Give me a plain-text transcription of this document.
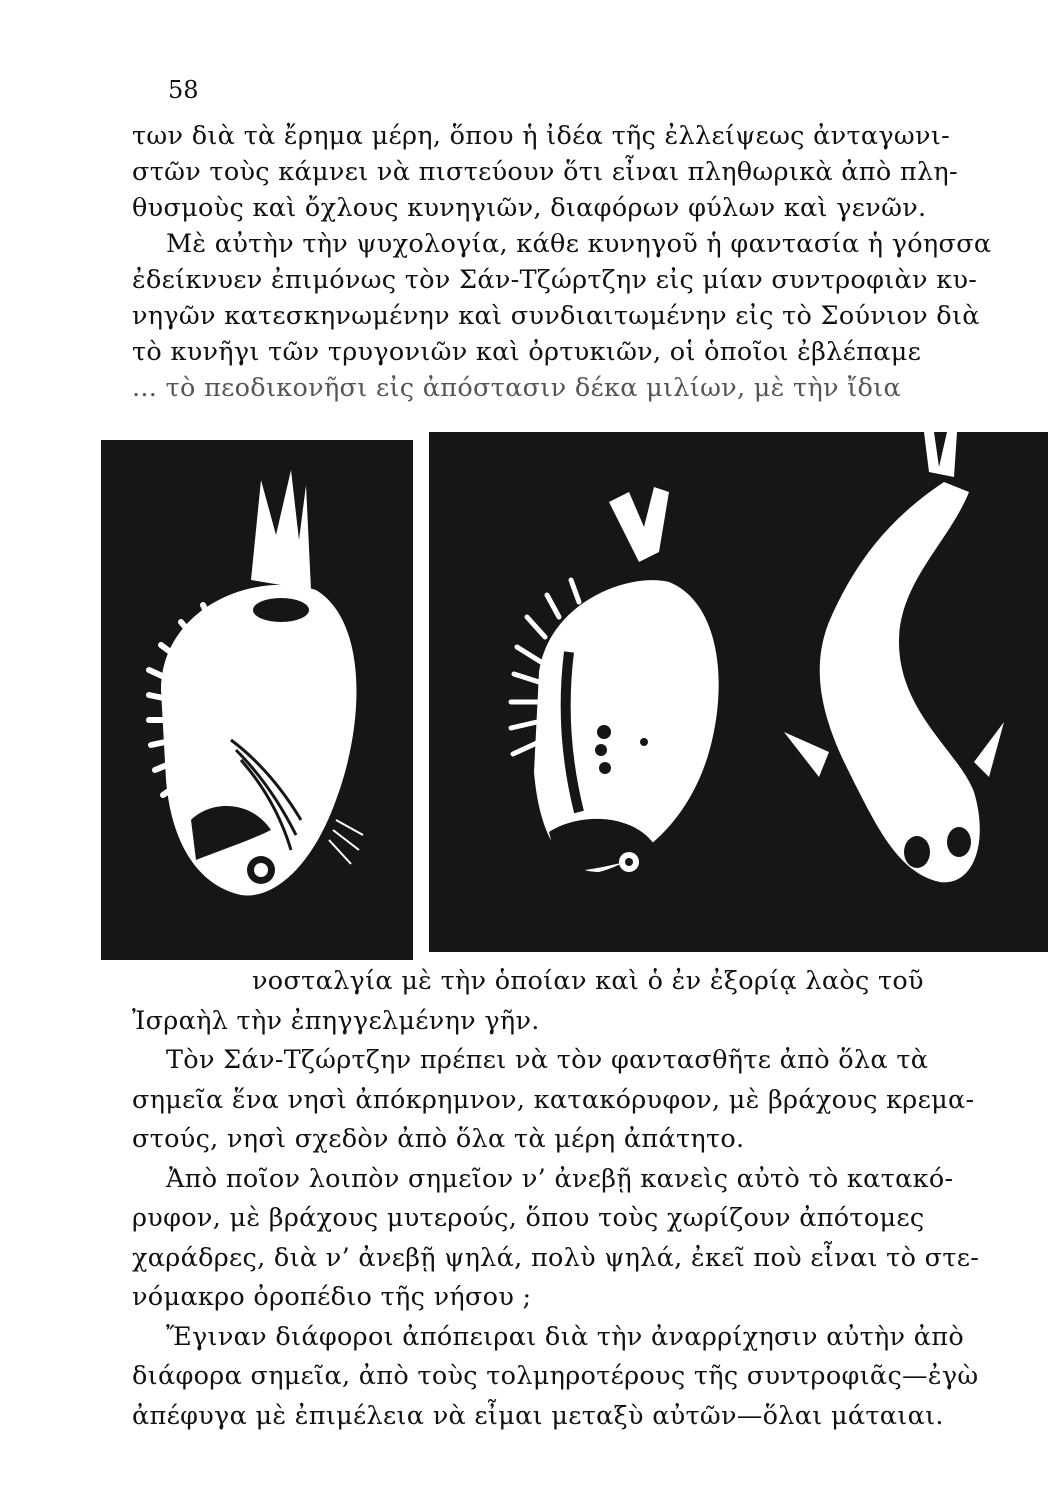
58
των διὰ τὰ ἔρημα μέρη, ὅπου ἡ ἰδέα τῆς ἐλλείψεως ἀνταγωνι-
στῶν τοὺς κάμνει νὰ πιστεύουν ὅτι εἶναι πληθωρικὰ ἀπὸ πλη-
θυσμοὺς καὶ ὄχλους κυνηγιῶν, διαφόρων φύλων καὶ γενῶν.
Μὲ αὐτὴν τὴν ψυχολογία, κάθε κυνηγοῦ ἡ φαντασία ἡ γόησσα
ἐδείκνυεν ἐπιμόνως τὸν Σάν-Τζώρτζην εἰς μίαν συντροφιὰν κυ-
νηγῶν κατεσκηνωμένην καὶ συνδιαιτωμένην εἰς τὸ Σούνιον διὰ
τὸ κυνῆγι τῶν τρυγονιῶν καὶ ὀρτυκιῶν, οἱ ὁποῖοι ἐβλέπαμε
... τὸ πεοδικονῆσι εἰς ἀπόστασιν δέκα μιλίων, μὲ τὴν ἴδια
νοσταλγία μὲ τὴν ὁποίαν καὶ ὁ ἐν ἐξορίᾳ λαὸς τοῦ
Ἰσραὴλ τὴν ἐπηγγελμένην γῆν.
Τὸν Σάν-Τζώρτζην πρέπει νὰ τὸν φαντασθῆτε ἀπὸ ὅλα τὰ
σημεῖα ἕνα νησὶ ἀπόκρημνον, κατακόρυφον, μὲ βράχους κρεμα-
στούς, νησὶ σχεδὸν ἀπὸ ὅλα τὰ μέρη ἀπάτητο.
Ἀπὸ ποῖον λοιπὸν σημεῖον ν’ ἀνεβῇ κανεὶς αὐτὸ τὸ κατακό-
ρυφον, μὲ βράχους μυτερούς, ὅπου τοὺς χωρίζουν ἀπότομες
χαράδρες, διὰ ν’ ἀνεβῇ ψηλά, πολὺ ψηλά, ἐκεῖ ποὺ εἶναι τὸ στε-
νόμακρο ὀροπέδιο τῆς νήσου ;
Ἔγιναν διάφοροι ἀπόπειραι διὰ τὴν ἀναρρίχησιν αὐτὴν ἀπὸ
διάφορα σημεῖα, ἀπὸ τοὺς τολμηροτέρους τῆς συντροφιᾶς—ἐγὼ
ἀπέφυγα μὲ ἐπιμέλεια νὰ εἶμαι μεταξὺ αὐτῶν—ὅλαι μάταιαι.
